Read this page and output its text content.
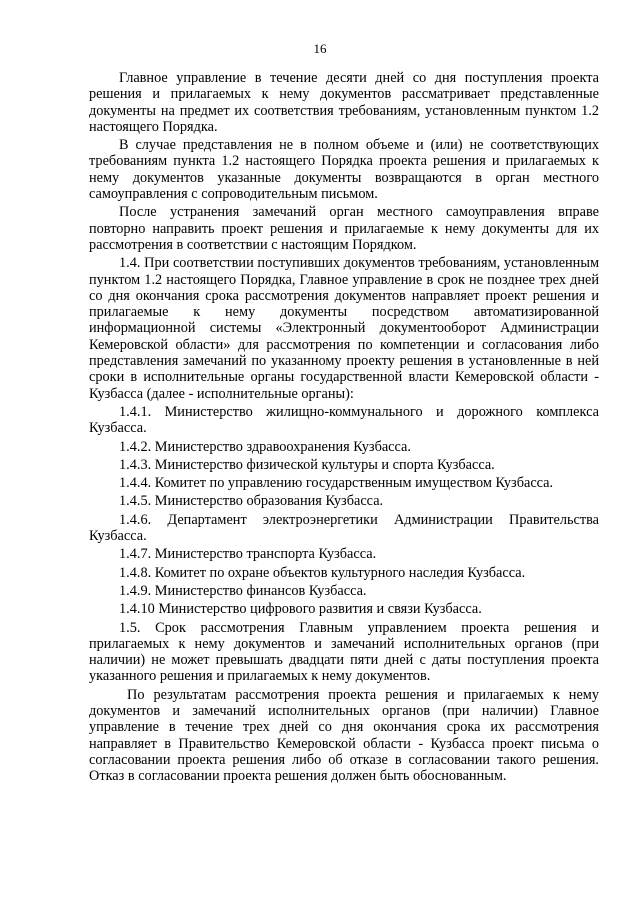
16

Главное управление в течение десяти дней со дня поступления проекта решения и прилагаемых к нему документов рассматривает представленные документы на предмет их соответствия требованиям, установленным пунктом 1.2 настоящего Порядка.

В случае представления не в полном объеме и (или) не соответствующих требованиям пункта 1.2 настоящего Порядка проекта решения и прилагаемых к нему документов указанные документы возвращаются в орган местного самоуправления с сопроводительным письмом.

После устранения замечаний орган местного самоуправления вправе повторно направить проект решения и прилагаемые к нему документы для их рассмотрения в соответствии с настоящим Порядком.

1.4. При соответствии поступивших документов требованиям, установленным пунктом 1.2 настоящего Порядка, Главное управление в срок не позднее трех дней со дня окончания срока рассмотрения документов направляет проект решения и прилагаемые к нему документы посредством автоматизированной информационной системы «Электронный документооборот Администрации Кемеровской области» для рассмотрения по компетенции и согласования либо представления замечаний по указанному проекту решения в установленные в ней сроки в исполнительные органы государственной власти Кемеровской области - Кузбасса (далее - исполнительные органы):

1.4.1. Министерство жилищно-коммунального и дорожного комплекса Кузбасса.

1.4.2. Министерство здравоохранения Кузбасса.

1.4.3. Министерство физической культуры и спорта Кузбасса.

1.4.4. Комитет по управлению государственным имуществом Кузбасса.

1.4.5. Министерство образования Кузбасса.

1.4.6. Департамент электроэнергетики Администрации Правительства Кузбасса.

1.4.7. Министерство транспорта Кузбасса.

1.4.8. Комитет по охране объектов культурного наследия Кузбасса.

1.4.9. Министерство финансов Кузбасса.

1.4.10 Министерство цифрового развития и связи Кузбасса.

1.5. Срок рассмотрения Главным управлением проекта решения и прилагаемых к нему документов и замечаний исполнительных органов (при наличии) не может превышать двадцати пяти дней с даты поступления проекта указанного решения и прилагаемых к нему документов.

По результатам рассмотрения проекта решения и прилагаемых к нему документов и замечаний исполнительных органов (при наличии) Главное управление в течение трех дней со дня окончания срока их рассмотрения направляет в Правительство Кемеровской области - Кузбасса проект письма о согласовании проекта решения либо об отказе в согласовании такого решения. Отказ в согласовании проекта решения должен быть обоснованным.
